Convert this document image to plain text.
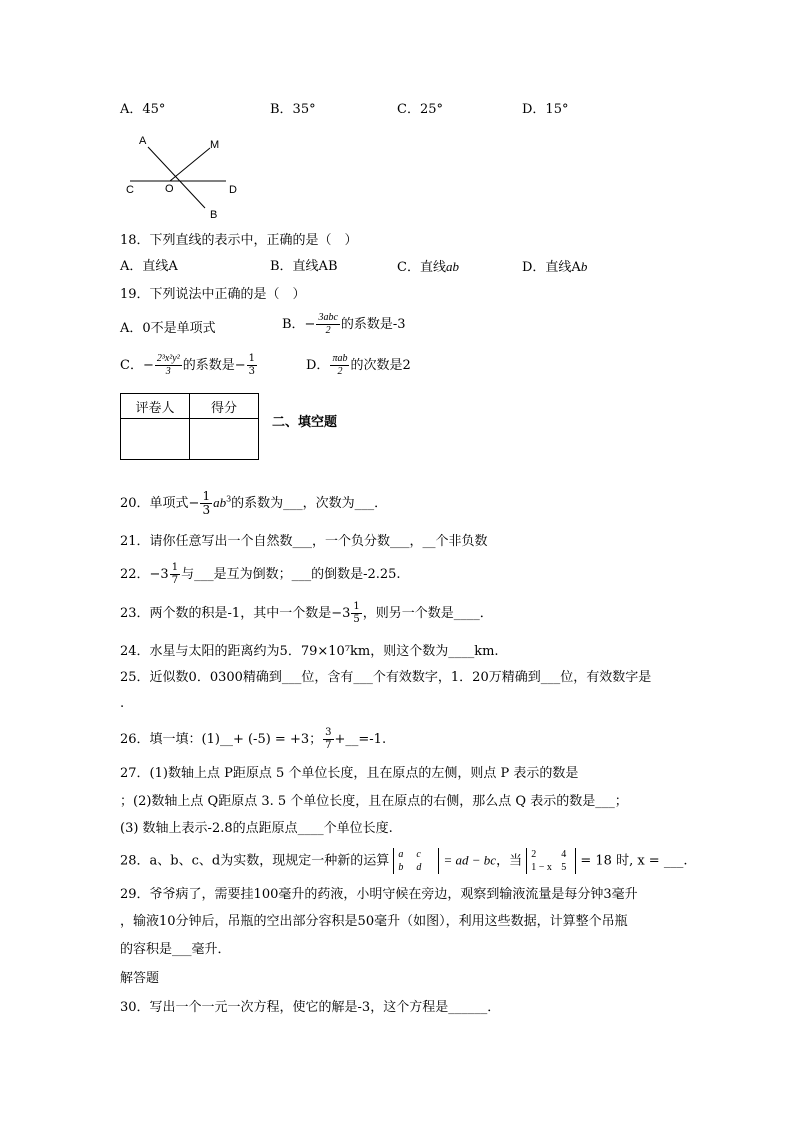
A．45°	B．35°	C．25°	D．15°
A	M
C	O	D
B
18．下列直线的表示中，正确的是（　）
A．直线A	B．直线AB	C．直线ab	D．直线Ab
19．下列说法中正确的是（　）
A．0不是单项式	B．− $\frac{\text{3abc}}{2}$ 的系数是-3
C．− $\frac{\text{2³x²y²}}{3}$ 的系数是− $\frac{1}{3}$	D． $\frac{\text{πab}}{2}$ 的次数是2
评卷人	得分

二、填空题
20．单项式− $\frac{1}{3} ab^3$的系数为___，次数为___．
21．请你任意写出一个自然数___，一个负分数___，__个非负数
22．$-3 \frac{1}{7}$ 与___是互为倒数；___的倒数是-2.25.
23．两个数的积是-1，其中一个数是$-3 \frac{1}{5}$ ，则另一个数是____．
24．水星与太阳的距离约为5．79×10⁷km，则这个数为____km.
25．近似数0．0300精确到___位，含有___个有效数字，1．20万精确到___位，有效数字是
.
26．填一填：(1)__+ (-5) = +3； $\frac{3}{7}$ +__=-1.
27．(1)数轴上点 P距原点 5 个单位长度，且在原点的左侧，则点 P 表示的数是
；(2)数轴上点 Q距原点 3. 5 个单位长度，且在原点的右侧，那么点 Q 表示的数是___；
(3) 数轴上表示-2.8的点距原点____个单位长度.
28．a、b、c、d为实数，现规定一种新的运算 a c
b d = ad − bc，当 2	4
1 − x 5 = 18 时, x = ___.
29．爷爷病了，需要挂100毫升的药液，小明守候在旁边，观察到输液流量是每分钟3毫升
，输液10分钟后，吊瓶的空出部分容积是50毫升（如图），利用这些数据，计算整个吊瓶
的容积是___毫升．
解答题
30．写出一个一元一次方程，使它的解是-3，这个方程是______．
